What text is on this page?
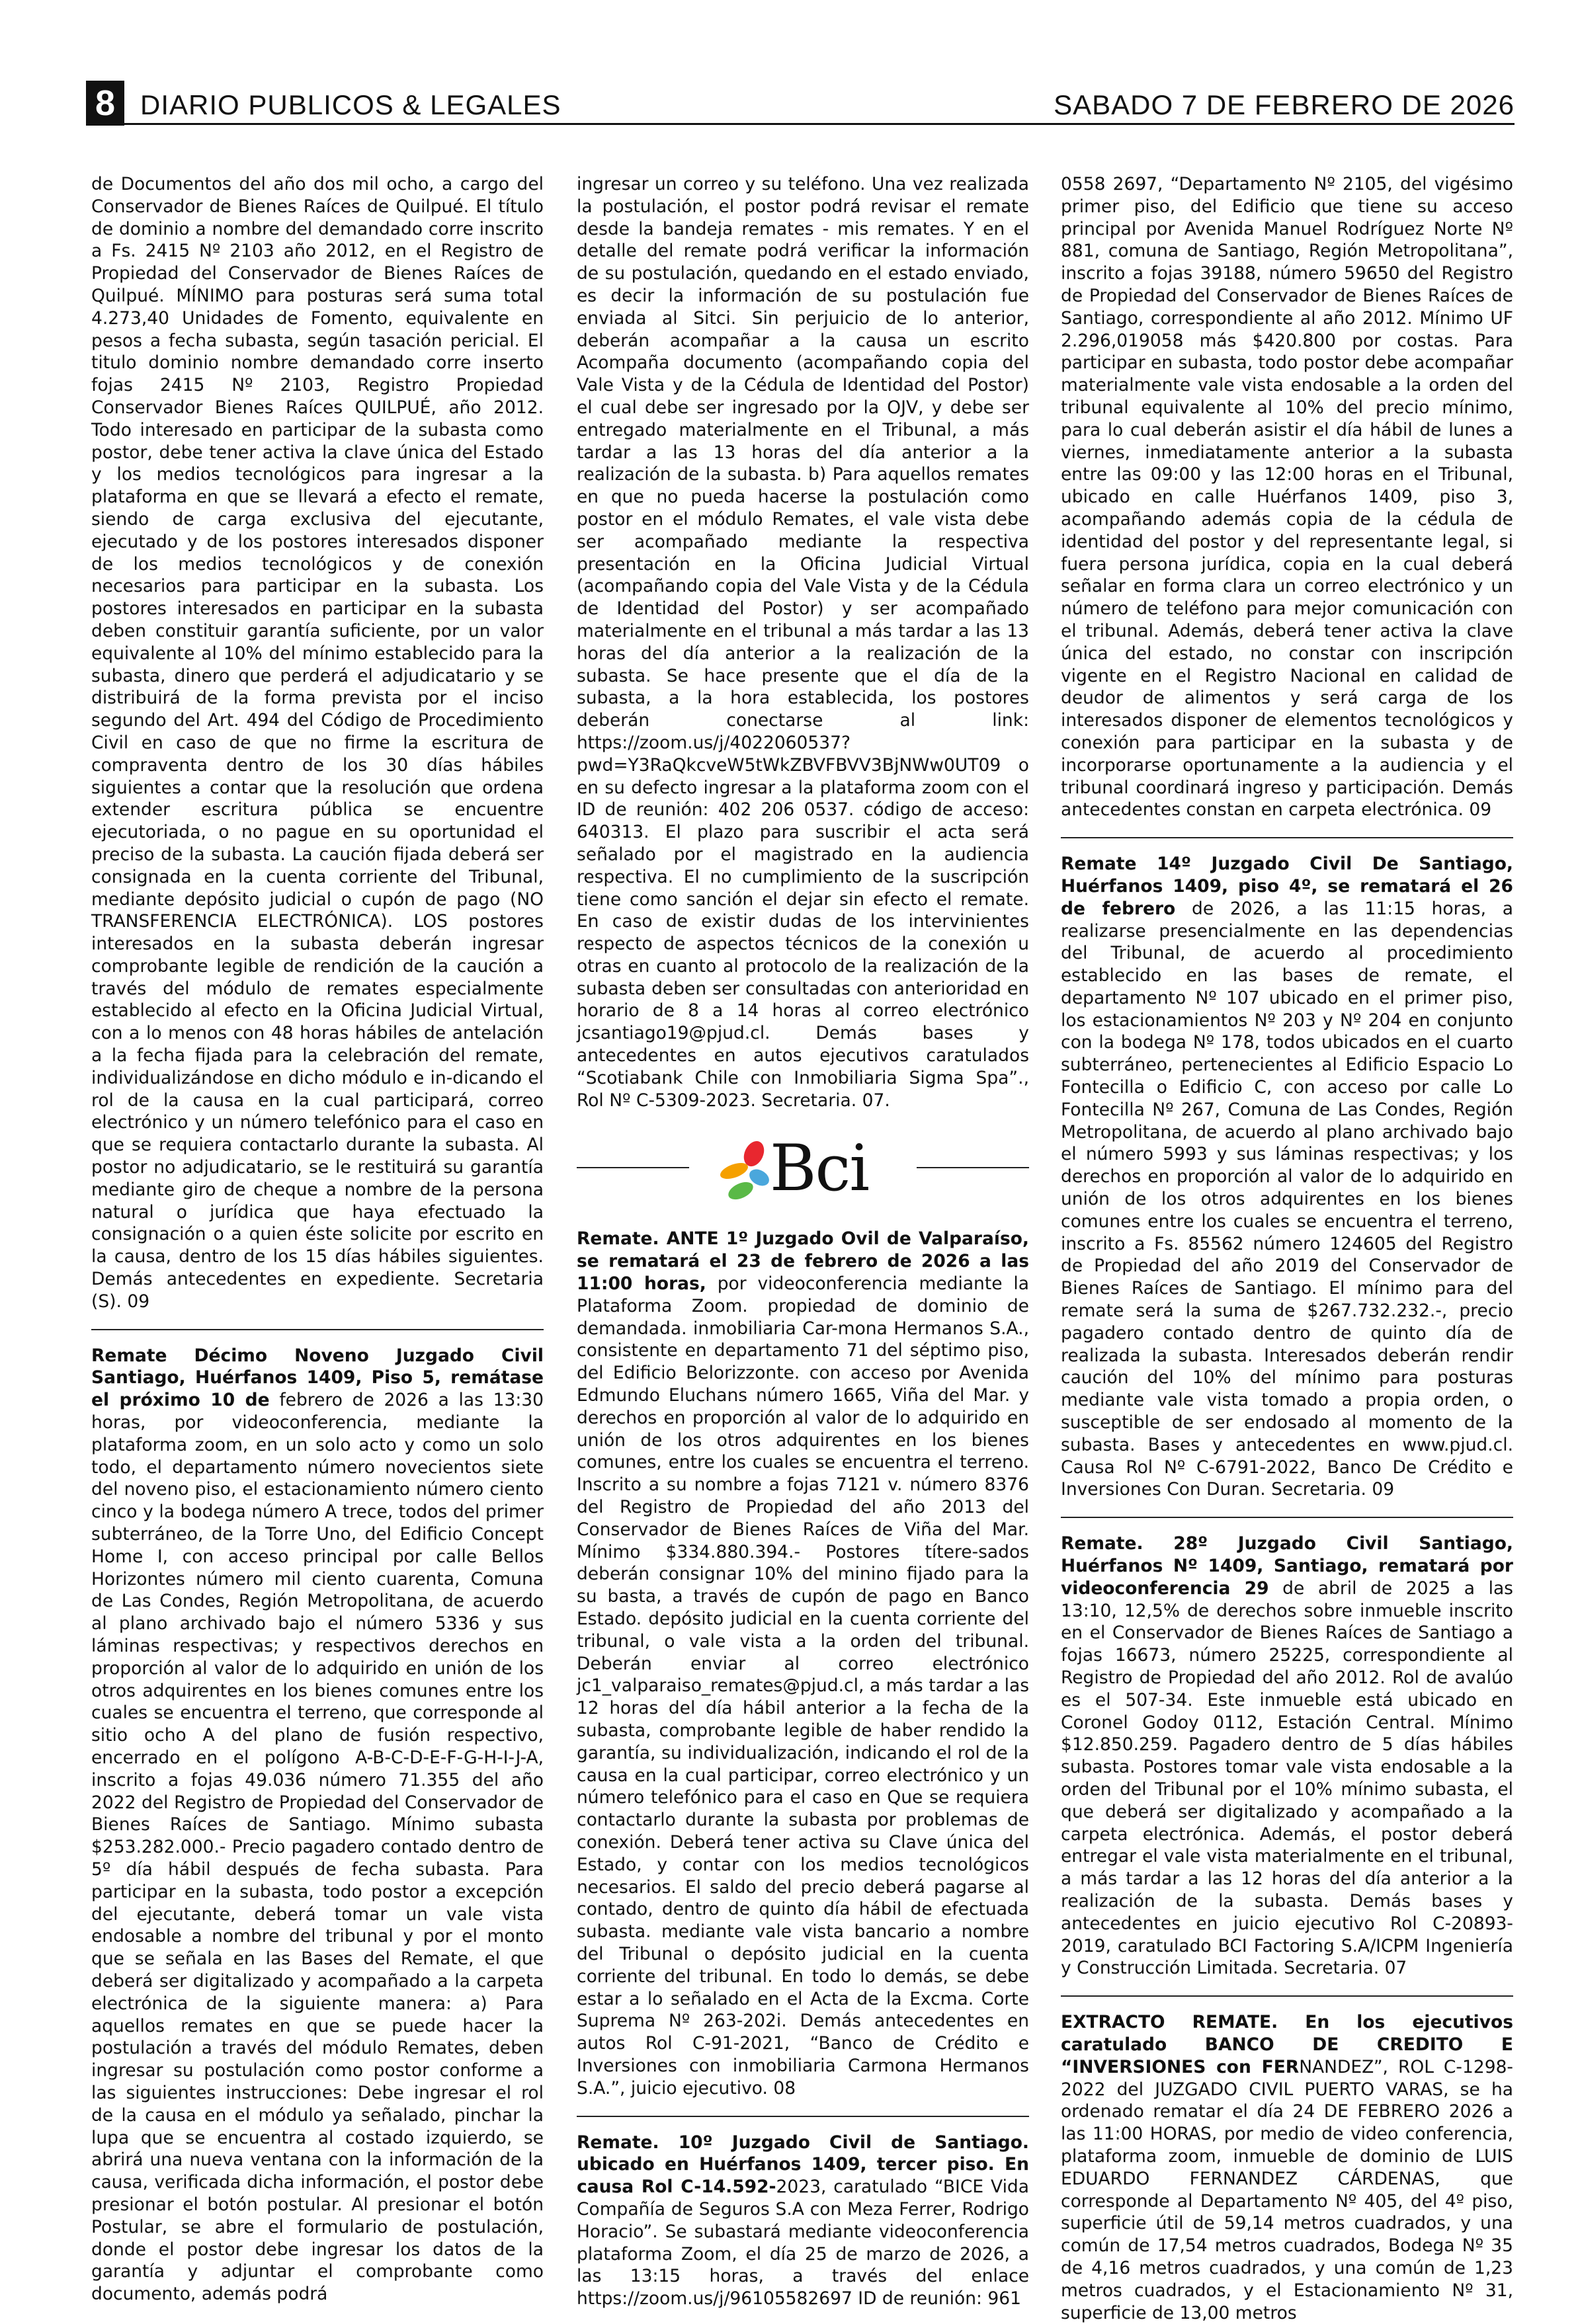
8 DIARIO PUBLICOS & LEGALES	SABADO 7 DE FEBRERO DE 2026

de Documentos del año dos mil ocho, a cargo del Conservador de Bienes Raíces de Quilpué. El título de dominio a nombre del demandado corre inscrito a Fs. 2415 Nº 2103 año 2012, en el Registro de Propiedad del Conservador de Bienes Raíces de Quilpué. MÍNIMO para posturas será suma total 4.273,40 Unidades de Fomento, equivalente en pesos a fecha subasta, según tasación pericial. El titulo dominio nombre demandado corre inserto fojas 2415 Nº 2103, Registro Propiedad Conservador Bienes Raíces QUILPUÉ, año 2012. Todo interesado en participar de la subasta como postor, debe tener activa la clave única del Estado y los medios tecnológicos para ingresar a la plataforma en que se llevará a efecto el remate, siendo de carga exclusiva del ejecutante, ejecutado y de los postores interesados disponer de los medios tecnológicos y de conexión necesarios para participar en la subasta. Los postores interesados en participar en la subasta deben constituir garantía suficiente, por un valor equivalente al 10% del mínimo establecido para la subasta, dinero que perderá el adjudicatario y se distribuirá de la forma prevista por el inciso segundo del Art. 494 del Código de Procedimiento Civil en caso de que no firme la escritura de compraventa dentro de los 30 días hábiles siguientes a contar que la resolución que ordena extender escritura pública se encuentre ejecutoriada, o no pague en su oportunidad el preciso de la subasta. La caución fijada deberá ser consignada en la cuenta corriente del Tribunal, mediante depósito judicial o cupón de pago (NO TRANSFERENCIA ELECTRÓNICA). LOS postores interesados en la subasta deberán ingresar comprobante legible de rendición de la caución a través del módulo de remates especialmente establecido al efecto en la Oficina Judicial Virtual, con a lo menos con 48 horas hábiles de antelación a la fecha fijada para la celebración del remate, individualizándose en dicho módulo e in-dicando el rol de la causa en la cual participará, correo electrónico y un número telefónico para el caso en que se requiera contactarlo durante la subasta. Al postor no adjudicatario, se le restituirá su garantía mediante giro de cheque a nombre de la persona natural o jurídica que haya efectuado la consignación o a quien éste solicite por escrito en la causa, dentro de los 15 días hábiles siguientes. Demás antecedentes en expediente. Secretaria (S). 09

Remate Décimo Noveno Juzgado Civil Santiago, Huérfanos 1409, Piso 5, remátase el próximo 10 de febrero de 2026 a las 13:30 horas, por videoconferencia, mediante la plataforma zoom, en un solo acto y como un solo todo, el departamento número novecientos siete del noveno piso, el estacionamiento número ciento cinco y la bodega número A trece, todos del primer subterráneo, de la Torre Uno, del Edificio Concept Home I, con acceso principal por calle Bellos Horizontes número mil ciento cuarenta, Comuna de Las Condes, Región Metropolitana, de acuerdo al plano archivado bajo el número 5336 y sus láminas respectivas; y respectivos derechos en proporción al valor de lo adquirido en unión de los otros adquirentes en los bienes comunes entre los cuales se encuentra el terreno, que corresponde al sitio ocho A del plano de fusión respectivo, encerrado en el polígono A-B-C-D-E-F-G-H-I-J-A, inscrito a fojas 49.036 número 71.355 del año 2022 del Registro de Propiedad del Conservador de Bienes Raíces de Santiago. Mínimo subasta $253.282.000.- Precio pagadero contado dentro de 5º día hábil después de fecha subasta. Para participar en la subasta, todo postor a excepción del ejecutante, deberá tomar un vale vista endosable a nombre del tribunal y por el monto que se señala en las Bases del Remate, el que deberá ser digitalizado y acompañado a la carpeta electrónica de la siguiente manera: a) Para aquellos remates en que se puede hacer la postulación a través del módulo Remates, deben ingresar su postulación como postor conforme a las siguientes instrucciones: Debe ingresar el rol de la causa en el módulo ya señalado, pinchar la lupa que se encuentra al costado izquierdo, se abrirá una nueva ventana con la información de la causa, verificada dicha información, el postor debe presionar el botón postular. Al presionar el botón Postular, se abre el formulario de postulación, donde el postor debe ingresar los datos de la garantía y adjuntar el comprobante como documento, además podrá

ingresar un correo y su teléfono. Una vez realizada la postulación, el postor podrá revisar el remate desde la bandeja remates - mis remates. Y en el detalle del remate podrá verificar la información de su postulación, quedando en el estado enviado, es decir la información de su postulación fue enviada al Sitci. Sin perjuicio de lo anterior, deberán acompañar a la causa un escrito Acompaña documento (acompañando copia del Vale Vista y de la Cédula de Identidad del Postor) el cual debe ser ingresado por la OJV, y debe ser entregado materialmente en el Tribunal, a más tardar a las 13 horas del día anterior a la realización de la subasta. b) Para aquellos remates en que no pueda hacerse la postulación como postor en el módulo Remates, el vale vista debe ser acompañado mediante la respectiva presentación en la Oficina Judicial Virtual (acompañando copia del Vale Vista y de la Cédula de Identidad del Postor) y ser acompañado materialmente en el tribunal a más tardar a las 13 horas del día anterior a la realización de la subasta. Se hace presente que el día de la subasta, a la hora establecida, los postores deberán conectarse al link: https://zoom.us/j/4022060537?pwd=Y3RaQkcveW5tWkZBVFBVV3BjNWw0UT09 o en su defecto ingresar a la plataforma zoom con el ID de reunión: 402 206 0537. código de acceso: 640313. El plazo para suscribir el acta será señalado por el magistrado en la audiencia respectiva. El no cumplimiento de la suscripción tiene como sanción el dejar sin efecto el remate. En caso de existir dudas de los intervinientes respecto de aspectos técnicos de la conexión u otras en cuanto al protocolo de la realización de la subasta deben ser consultadas con anterioridad en horario de 8 a 14 horas al correo electrónico jcsantiago19@pjud.cl. Demás bases y antecedentes en autos ejecutivos caratulados “Scotiabank Chile con Inmobiliaria Sigma Spa”., Rol Nº C-5309-2023. Secretaria. 07.

Bci

Remate. ANTE 1º Juzgado Ovil de Valparaíso, se rematará el 23 de febrero de 2026 a las 11:00 horas, por videoconferencia mediante la Plataforma Zoom. propiedad de dominio de demandada. inmobiliaria Car-mona Hermanos S.A., consistente en departamento 71 del séptimo piso, del Edificio Belorizzonte. con acceso por Avenida Edmundo Eluchans número 1665, Viña del Mar. y derechos en proporción al valor de lo adquirido en unión de los otros adquirentes en los bienes comunes, entre los cuales se encuentra el terreno. Inscrito a su nombre a fojas 7121 v. número 8376 del Registro de Propiedad del año 2013 del Conservador de Bienes Raíces de Viña del Mar. Mínimo $334.880.394.- Postores títere-sados deberán consignar 10% del minino fijado para la su basta, a través de cupón de pago en Banco Estado. depósito judicial en la cuenta corriente del tribunal, o vale vista a la orden del tribunal. Deberán enviar al correo electrónico jc1_valparaiso_remates@pjud.cl, a más tardar a las 12 horas del día hábil anterior a la fecha de la subasta, comprobante legible de haber rendido la garantía, su individualización, indicando el rol de la causa en la cual participar, correo electrónico y un número telefónico para el caso en Que se requiera contactarlo durante la subasta por problemas de conexión. Deberá tener activa su Clave única del Estado, y contar con los medios tecnológicos necesarios. El saldo del precio deberá pagarse al contado, dentro de quinto día hábil de efectuada subasta. mediante vale vista bancario a nombre del Tribunal o depósito judicial en la cuenta corriente del tribunal. En todo lo demás, se debe estar a lo señalado en el Acta de la Excma. Corte Suprema Nº 263-202i. Demás antecedentes en autos Rol C-91-2021, “Banco de Crédito e Inversiones con inmobiliaria Carmona Hermanos S.A.”, juicio ejecutivo. 08

Remate. 10º Juzgado Civil de Santiago. ubicado en Huérfanos 1409, tercer piso. En causa Rol C-14.592-2023, caratulado “BICE Vida Compañía de Seguros S.A con Meza Ferrer, Rodrigo Horacio”. Se subastará mediante videoconferencia plataforma Zoom, el día 25 de marzo de 2026, a las 13:15 horas, a través del enlace https://zoom.us/j/96105582697 ID de reunión: 961

0558 2697, “Departamento Nº 2105, del vigésimo primer piso, del Edificio que tiene su acceso principal por Avenida Manuel Rodríguez Norte Nº 881, comuna de Santiago, Región Metropolitana”, inscrito a fojas 39188, número 59650 del Registro de Propiedad del Conservador de Bienes Raíces de Santiago, correspondiente al año 2012. Mínimo UF 2.296,019058 más $420.800 por costas. Para participar en subasta, todo postor debe acompañar materialmente vale vista endosable a la orden del tribunal equivalente al 10% del precio mínimo, para lo cual deberán asistir el día hábil de lunes a viernes, inmediatamente anterior a la subasta entre las 09:00 y las 12:00 horas en el Tribunal, ubicado en calle Huérfanos 1409, piso 3, acompañando además copia de la cédula de identidad del postor y del representante legal, si fuera persona jurídica, copia en la cual deberá señalar en forma clara un correo electrónico y un número de teléfono para mejor comunicación con el tribunal. Además, deberá tener activa la clave única del estado, no constar con inscripción vigente en el Registro Nacional en calidad de deudor de alimentos y será carga de los interesados disponer de elementos tecnológicos y conexión para participar en la subasta y de incorporarse oportunamente a la audiencia y el tribunal coordinará ingreso y participación. Demás antecedentes constan en carpeta electrónica. 09

Remate 14º Juzgado Civil De Santiago, Huérfanos 1409, piso 4º, se rematará el 26 de febrero de 2026, a las 11:15 horas, a realizarse presencialmente en las dependencias del Tribunal, de acuerdo al procedimiento establecido en las bases de remate, el departamento Nº 107 ubicado en el primer piso, los estacionamientos Nº 203 y Nº 204 en conjunto con la bodega Nº 178, todos ubicados en el cuarto subterráneo, pertenecientes al Edificio Espacio Lo Fontecilla o Edificio C, con acceso por calle Lo Fontecilla Nº 267, Comuna de Las Condes, Región Metropolitana, de acuerdo al plano archivado bajo el número 5993 y sus láminas respectivas; y los derechos en proporción al valor de lo adquirido en unión de los otros adquirentes en los bienes comunes entre los cuales se encuentra el terreno, inscrito a Fs. 85562 número 124605 del Registro de Propiedad del año 2019 del Conservador de Bienes Raíces de Santiago. El mínimo para del remate será la suma de $267.732.232.-, precio pagadero contado dentro de quinto día de realizada la subasta. Interesados deberán rendir caución del 10% del mínimo para posturas mediante vale vista tomado a propia orden, o susceptible de ser endosado al momento de la subasta. Bases y antecedentes en www.pjud.cl. Causa Rol Nº C-6791-2022, Banco De Crédito e Inversiones Con Duran. Secretaria. 09

Remate. 28º Juzgado Civil Santiago, Huérfanos Nº 1409, Santiago, rematará por videoconferencia 29 de abril de 2025 a las 13:10, 12,5% de derechos sobre inmueble inscrito en el Conservador de Bienes Raíces de Santiago a fojas 16673, número 25225, correspondiente al Registro de Propiedad del año 2012. Rol de avalúo es el 507-34. Este inmueble está ubicado en Coronel Godoy 0112, Estación Central. Mínimo $12.850.259. Pagadero dentro de 5 días hábiles subasta. Postores tomar vale vista endosable a la orden del Tribunal por el 10% mínimo subasta, el que deberá ser digitalizado y acompañado a la carpeta electrónica. Además, el postor deberá entregar el vale vista materialmente en el tribunal, a más tardar a las 12 horas del día anterior a la realización de la subasta. Demás bases y antecedentes en juicio ejecutivo Rol C-20893-2019, caratulado BCI Factoring S.A/ICPM Ingeniería y Construcción Limitada. Secretaria. 07

EXTRACTO REMATE. En los ejecutivos caratulado BANCO DE CREDITO E “INVERSIONES con FERNANDEZ”, ROL C-1298-2022 del JUZGADO CIVIL PUERTO VARAS, se ha ordenado rematar el día 24 DE FEBRERO 2026 a las 11:00 HORAS, por medio de video conferencia, plataforma zoom, inmueble de dominio de LUIS EDUARDO FERNANDEZ CÁRDENAS, que corresponde al Departamento Nº 405, del 4º piso, superficie útil de 59,14 metros cuadrados, y una común de 17,54 metros cuadrados, Bodega Nº 35 de 4,16 metros cuadrados, y una común de 1,23 metros cuadrados, y el Estacionamiento Nº 31, superficie de 13,00 metros
